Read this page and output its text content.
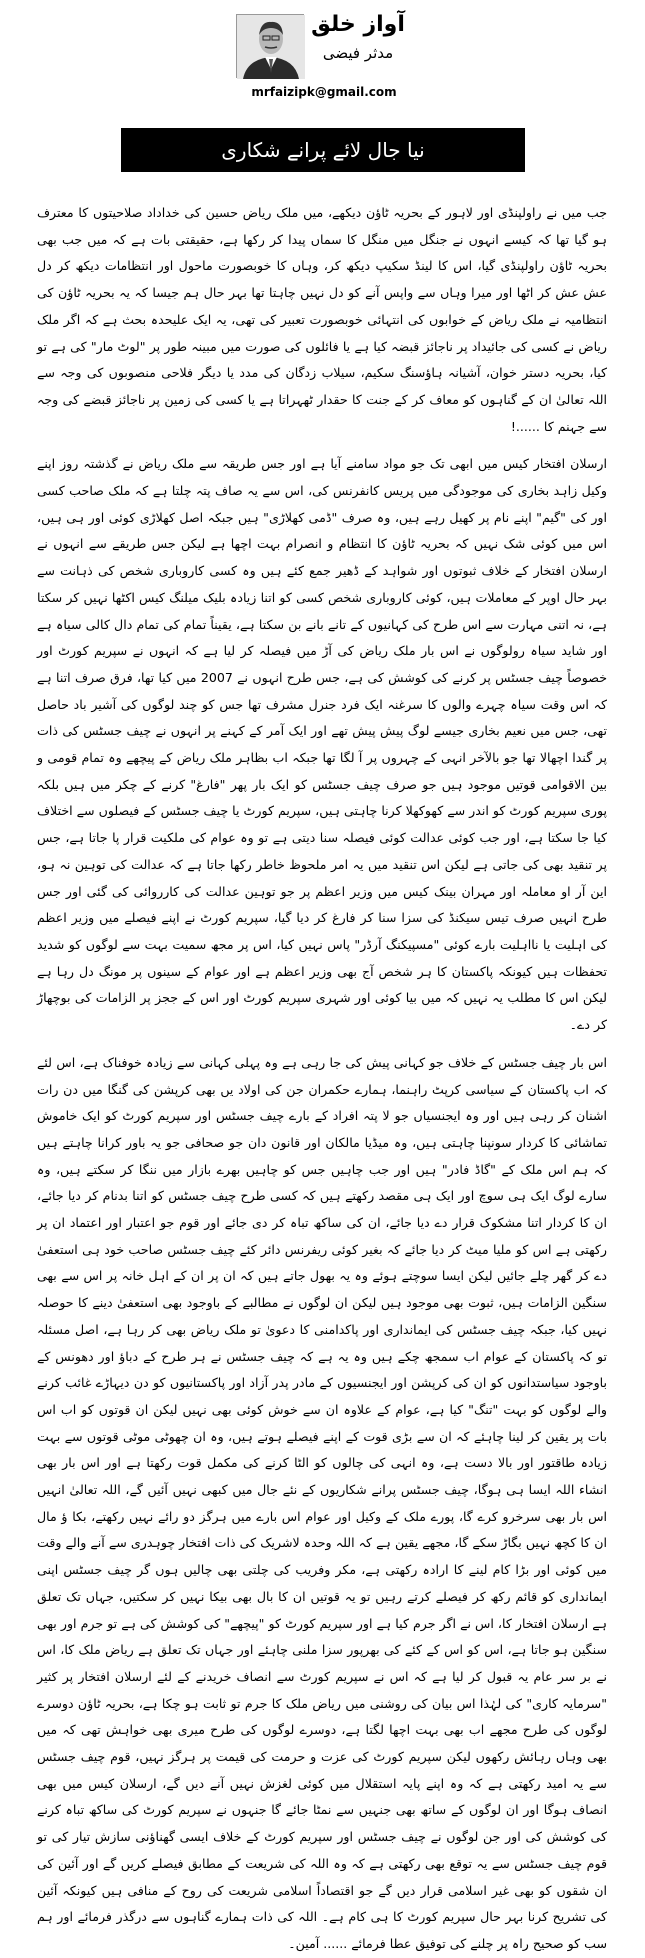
آواز خلق
مدثر فیضی
mrfaizipk@gmail.com
نیا جال لائے پرانے شکاری

جب میں نے راولپنڈی اور لاہور کے بحریہ ٹاؤن دیکھے، میں ملک ریاض حسین کی خداداد صلاحیتوں کا معترف ہو گیا تھا کہ کیسے انہوں نے جنگل میں منگل کا سماں پیدا کر رکھا ہے، حقیقتی بات ہے کہ میں جب بھی بحریہ ٹاؤن راولپنڈی گیا، اس کا لینڈ سکیپ دیکھ کر، وہاں کا خوبصورت ماحول اور انتظامات دیکھ کر دل عش عش کر اٹھا اور میرا وہاں سے واپس آنے کو دل نہیں چاہتا تھا بہر حال ہم جیسا کہ یہ بحریہ ٹاؤن کی انتظامیہ نے ملک ریاض کے خوابوں کی انتہائی خوبصورت تعبیر کی تھی، یہ ایک علیحدہ بحث ہے کہ اگر ملک ریاض نے کسی کی جائیداد پر ناجائز قبضہ کیا ہے یا فائلوں کی صورت میں مبینہ طور پر "لوٹ مار" کی ہے تو کیا، بحریہ دستر خوان، آشیانہ ہاؤسنگ سکیم، سیلاب زدگان کی مدد یا دیگر فلاحی منصوبوں کی وجہ سے اللہ تعالیٰ ان کے گناہوں کو معاف کر کے جنت کا حقدار ٹھہراتا ہے یا کسی کی زمین پر ناجائز قبضے کی وجہ سے جہنم کا ......!

ارسلان افتخار کیس میں ابھی تک جو مواد سامنے آیا ہے اور جس طریقہ سے ملک ریاض نے گذشتہ روز اپنے وکیل زاہد بخاری کی موجودگی میں پریس کانفرنس کی، اس سے یہ صاف پتہ چلتا ہے کہ ملک صاحب کسی اور کی "گیم" اپنے نام پر کھیل رہے ہیں، وہ صرف "ڈمی کھلاڑی" ہیں جبکہ اصل کھلاڑی کوئی اور ہی ہیں، اس میں کوئی شک نہیں کہ بحریہ ٹاؤن کا انتظام و انصرام بہت اچھا ہے لیکن جس طریقے سے انہوں نے ارسلان افتخار کے خلاف ثبوتوں اور شواہد کے ڈھیر جمع کئے ہیں وہ کسی کاروباری شخص کی ذہانت سے بہر حال اوپر کے معاملات ہیں، کوئی کاروباری شخص کسی کو اتنا زیادہ بلیک میلنگ کیس اکٹھا نہیں کر سکتا ہے، نہ اتنی مہارت سے اس طرح کی کہانیوں کے تانے بانے بن سکتا ہے، یقیناً تمام کی تمام دال کالی سیاہ ہے اور شاید سیاہ رولوگوں نے اس بار ملک ریاض کی آڑ میں فیصلہ کر لیا ہے کہ انہوں نے سپریم کورٹ اور خصوصاً چیف جسٹس پر کرنے کی کوشش کی ہے، جس طرح انہوں نے 2007 میں کیا تھا، فرق صرف اتنا ہے کہ اس وقت سیاہ چہرے والوں کا سرغنہ ایک فرد جنرل مشرف تھا جس کو چند لوگوں کی آشیر باد حاصل تھی، جس میں نعیم بخاری جیسے لوگ پیش پیش تھے اور ایک آمر کے کہنے پر انہوں نے چیف جسٹس کی ذات پر گندا اچھالا تھا جو بالآخر انہی کے چہروں پر آ لگا تھا جبکہ اب بظاہر ملک ریاض کے پیچھے وہ تمام قومی و بین الاقوامی قوتیں موجود ہیں جو صرف چیف جسٹس کو ایک بار پھر "فارغ" کرنے کے چکر میں ہیں بلکہ پوری سپریم کورٹ کو اندر سے کھوکھلا کرنا چاہتی ہیں، سپریم کورٹ یا چیف جسٹس کے فیصلوں سے اختلاف کیا جا سکتا ہے، اور جب کوئی عدالت کوئی فیصلہ سنا دیتی ہے تو وہ عوام کی ملکیت قرار پا جاتا ہے، جس پر تنقید بھی کی جاتی ہے لیکن اس تنقید میں یہ امر ملحوظ خاطر رکھا جاتا ہے کہ عدالت کی توہین نہ ہو، این آر او معاملہ اور مہران بینک کیس میں وزیر اعظم پر جو توہین عدالت کی کارروائی کی گئی اور جس طرح انہیں صرف تیس سیکنڈ کی سزا سنا کر فارغ کر دیا گیا، سپریم کورٹ نے اپنے فیصلے میں وزیر اعظم کی اہلیت یا نااہلیت بارے کوئی "مسپیکنگ آرڈر" پاس نہیں کیا، اس پر مجھ سمیت بہت سے لوگوں کو شدید تحفظات ہیں کیونکہ پاکستان کا ہر شخص آج بھی وزیر اعظم ہے اور عوام کے سینوں پر مونگ دل رہا ہے لیکن اس کا مطلب یہ نہیں کہ میں بیا کوئی اور شہری سپریم کورٹ اور اس کے ججز پر الزامات کی بوچھاڑ کر دے۔

اس بار چیف جسٹس کے خلاف جو کہانی پیش کی جا رہی ہے وہ پہلی کہانی سے زیادہ خوفناک ہے، اس لئے کہ اب پاکستان کے سیاسی کرپٹ راہنما، ہمارے حکمران جن کی اولاد یں بھی کرپشن کی گنگا میں دن رات اشنان کر رہی ہیں اور وہ ایجنسیاں جو لا پتہ افراد کے بارے چیف جسٹس اور سپریم کورٹ کو ایک خاموش تماشائی کا کردار سونپنا چاہتی ہیں، وہ میڈیا مالکان اور قانون دان جو صحافی جو یہ باور کرانا چاہتے ہیں کہ ہم اس ملک کے "گاڈ فادر" ہیں اور جب چاہیں جس کو چاہیں بھرے بازار میں ننگا کر سکتے ہیں، وہ سارے لوگ ایک ہی سوچ اور ایک ہی مقصد رکھتے ہیں کہ کسی طرح چیف جسٹس کو اتنا بدنام کر دیا جائے، ان کا کردار اتنا مشکوک قرار دے دیا جائے، ان کی ساکھ تباہ کر دی جائے اور قوم جو اعتبار اور اعتماد ان پر رکھتی ہے اس کو ملیا میٹ کر دیا جائے کہ بغیر کوئی ریفرنس دائر کئے چیف جسٹس صاحب خود ہی استعفیٰ دے کر گھر چلے جائیں لیکن ایسا سوچتے ہوئے وہ یہ بھول جاتے ہیں کہ ان پر ان کے اہل خانہ پر اس سے بھی سنگین الزامات ہیں، ثبوت بھی موجود ہیں لیکن ان لوگوں نے مطالبے کے باوجود بھی استعفیٰ دینے کا حوصلہ نہیں کیا، جبکہ چیف جسٹس کی ایمانداری اور پاکدامنی کا دعویٰ تو ملک ریاض بھی کر رہا ہے، اصل مسئلہ تو کہ پاکستان کے عوام اب سمجھ چکے ہیں وہ یہ ہے کہ چیف جسٹس نے ہر طرح کے دباؤ اور دھونس کے باوجود سیاستدانوں کو ان کی کرپشن اور ایجنسیوں کے مادر پدر آزاد اور پاکستانیوں کو دن دیہاڑے غائب کرنے والے لوگوں کو بہت "تنگ" کیا ہے، عوام کے علاوہ ان سے خوش کوئی بھی نہیں لیکن ان قوتوں کو اب اس بات پر یقین کر لینا چاہئے کہ ان سے بڑی قوت کے اپنے فیصلے ہوتے ہیں، وہ ان چھوٹی موٹی قوتوں سے بہت زیادہ طاقتور اور بالا دست ہے، وہ انہی کی چالوں کو الٹا کرنے کی مکمل قوت رکھتا ہے اور اس بار بھی انشاء اللہ ایسا ہی ہوگا، چیف جسٹس پرانے شکاریوں کے نئے جال میں کبھی نہیں آئیں گے، اللہ تعالیٰ انہیں اس بار بھی سرخرو کرے گا، پورے ملک کے وکیل اور عوام اس بارے میں ہرگز دو رائے نہیں رکھتے، بکا ؤ مال ان کا کچھ نہیں بگاڑ سکے گا، مجھے یقین ہے کہ اللہ وحدہ لاشریک کی ذات افتخار چوہدری سے آنے والے وقت میں کوئی اور بڑا کام لینے کا ارادہ رکھتی ہے، مکر وفریب کی چلتی بھی چالیں ہوں گر چیف جسٹس اپنی ایمانداری کو قائم رکھ کر فیصلے کرتے رہیں تو یہ قوتیں ان کا بال بھی بیکا نہیں کر سکتیں، جہاں تک تعلق ہے ارسلان افتخار کا، اس نے اگر جرم کیا ہے اور سپریم کورٹ کو "پیچھے" کی کوشش کی ہے تو جرم اور بھی سنگین ہو جاتا ہے، اس کو اس کے کئے کی بھرپور سزا ملنی چاہئے اور جہاں تک تعلق ہے ریاض ملک کا، اس نے بر سر عام یہ قبول کر لیا ہے کہ اس نے سپریم کورٹ سے انصاف خریدنے کے لئے ارسلان افتخار پر کثیر "سرمایہ کاری" کی لہٰذا اس بیان کی روشنی میں ریاض ملک کا جرم تو ثابت ہو چکا ہے، بحریہ ٹاؤن دوسرے لوگوں کی طرح مجھے اب بھی بہت اچھا لگتا ہے، دوسرے لوگوں کی طرح میری بھی خواہش تھی کہ میں بھی وہاں رہائش رکھوں لیکن سپریم کورٹ کی عزت و حرمت کی قیمت پر ہرگز نہیں، قوم چیف جسٹس سے یہ امید رکھتی ہے کہ وہ اپنے پایہ استقلال میں کوئی لغزش نہیں آنے دیں گے، ارسلان کیس میں بھی انصاف ہوگا اور ان لوگوں کے ساتھ بھی جنہیں سے نمٹا جائے گا جنہوں نے سپریم کورٹ کی ساکھ تباہ کرنے کی کوشش کی اور جن لوگوں نے چیف جسٹس اور سپریم کورٹ کے خلاف ایسی گھناؤنی سازش تیار کی تو قوم چیف جسٹس سے یہ توقع بھی رکھتی ہے کہ وہ اللہ کی شریعت کے مطابق فیصلے کریں گے اور آئین کی ان شقوں کو بھی غیر اسلامی قرار دیں گے جو اقتصاداً اسلامی شریعت کی روح کے منافی ہیں کیونکہ آئین کی تشریح کرنا بہر حال سپریم کورٹ کا ہی کام ہے۔ اللہ کی ذات ہمارے گناہوں سے درگذر فرمائے اور ہم سب کو صحیح راہ پر چلنے کی توفیق عطا فرمائے ...... آمین۔
